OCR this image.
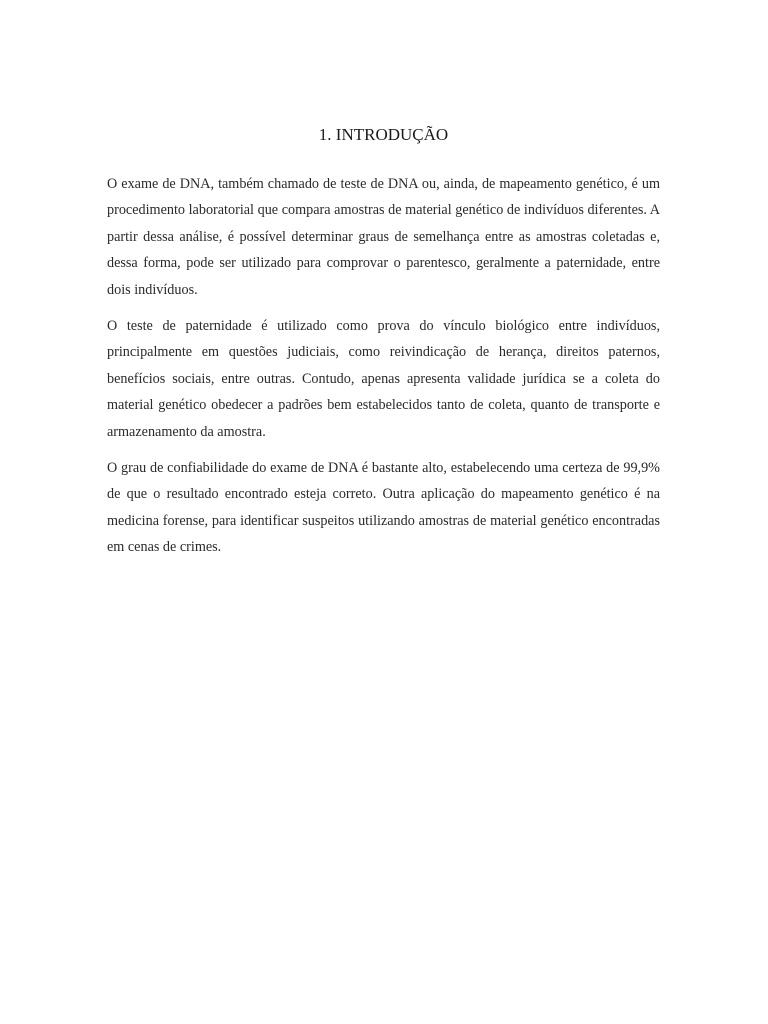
1. INTRODUÇÃO

O exame de DNA, também chamado de teste de DNA ou, ainda, de mapeamento genético, é um procedimento laboratorial que compara amostras de material genético de indivíduos diferentes. A partir dessa análise, é possível determinar graus de semelhança entre as amostras coletadas e, dessa forma, pode ser utilizado para comprovar o parentesco, geralmente a paternidade, entre dois indivíduos.

O teste de paternidade é utilizado como prova do vínculo biológico entre indivíduos, principalmente em questões judiciais, como reivindicação de herança, direitos paternos, benefícios sociais, entre outras. Contudo, apenas apresenta validade jurídica se a coleta do material genético obedecer a padrões bem estabelecidos tanto de coleta, quanto de transporte e armazenamento da amostra.

O grau de confiabilidade do exame de DNA é bastante alto, estabelecendo uma certeza de 99,9% de que o resultado encontrado esteja correto. Outra aplicação do mapeamento genético é na medicina forense, para identificar suspeitos utilizando amostras de material genético encontradas em cenas de crimes.
